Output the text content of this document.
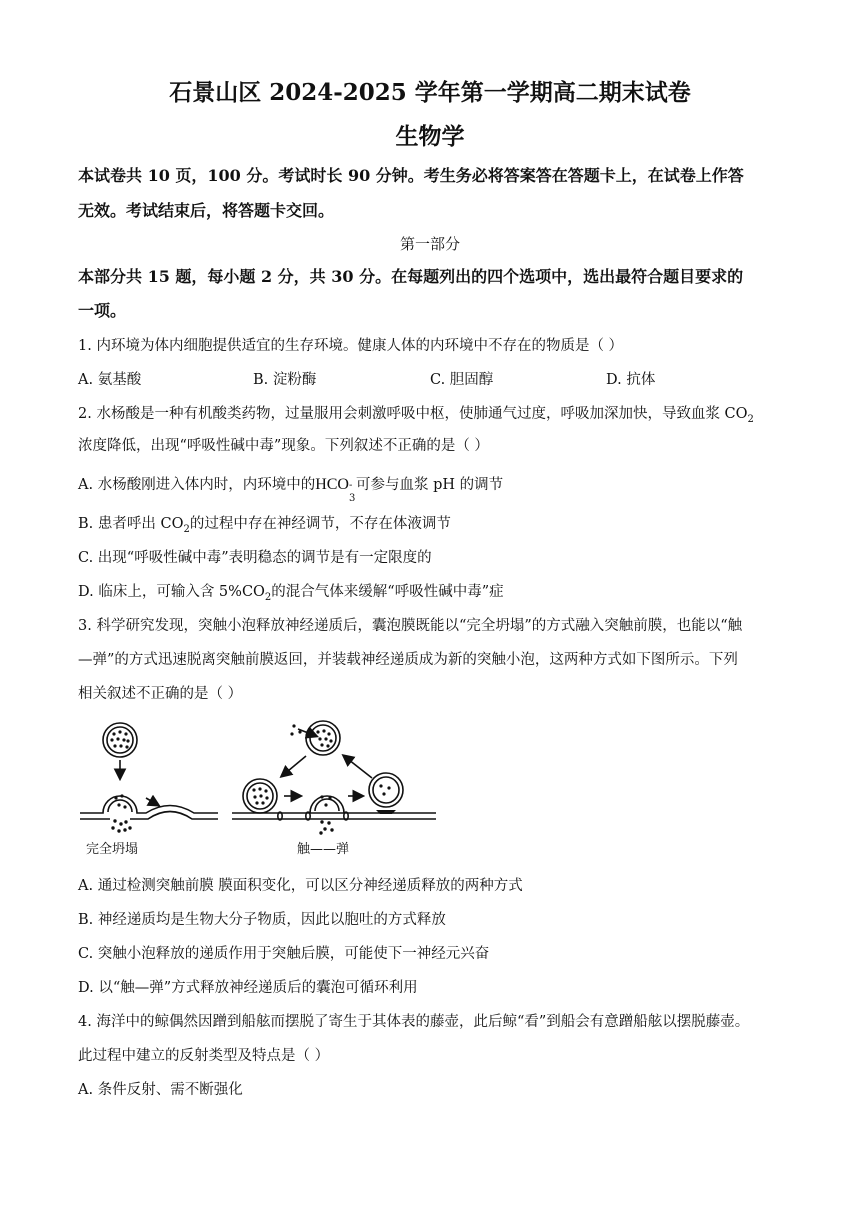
石景山区 2024-2025 学年第一学期高二期末试卷
生物学
本试卷共 10 页，100 分。考试时长 90 分钟。考生务必将答案答在答题卡上，在试卷上作答
无效。考试结束后，将答题卡交回。
第一部分
本部分共 15 题，每小题 2 分，共 30 分。在每题列出的四个选项中，选出最符合题目要求的
一项。
1. 内环境为体内细胞提供适宜的生存环境。健康人体的内环境中不存在的物质是（ ）
A. 氨基酸	B. 淀粉酶	C. 胆固醇	D. 抗体
2. 水杨酸是一种有机酸类药物，过量服用会刺激呼吸中枢，使肺通气过度，呼吸加深加快，导致血浆 $CO_2$
浓度降低，出现“呼吸性碱中毒”现象。下列叙述不正确的是（ ）
A. 水杨酸刚进入体内时，内环境中的HCO -
3
可参与血浆 pH 的调节
B. 患者呼出 $CO_2$的过程中存在神经调节，不存在体液调节
C. 出现“呼吸性碱中毒”表明稳态的调节是有一定限度的
D. 临床上，可输入含 $5\%CO_2$的混合气体来缓解“呼吸性碱中毒”症
3. 科学研究发现，突触小泡释放神经递质后，囊泡膜既能以“完全坍塌”的方式融入突触前膜，也能以“触
—弹”的方式迅速脱离突触前膜返回，并装载神经递质成为新的突触小泡，这两种方式如下图所示。下列
相关叙述不正确的是（ ）
完全坍塌	触——弹
A. 通过检测突触前膜 膜面积变化，可以区分神经递质释放的两种方式
B. 神经递质均是生物大分子物质，因此以胞吐的方式释放
C. 突触小泡释放的递质作用于突触后膜，可能使下一神经元兴奋
D. 以“触—弹”方式释放神经递质后的囊泡可循环利用
4. 海洋中的鲸偶然因蹭到船舷而摆脱了寄生于其体表的藤壶，此后鲸“看”到船会有意蹭船舷以摆脱藤壶。
此过程中建立的反射类型及特点是（ ）
A. 条件反射、需不断强化
